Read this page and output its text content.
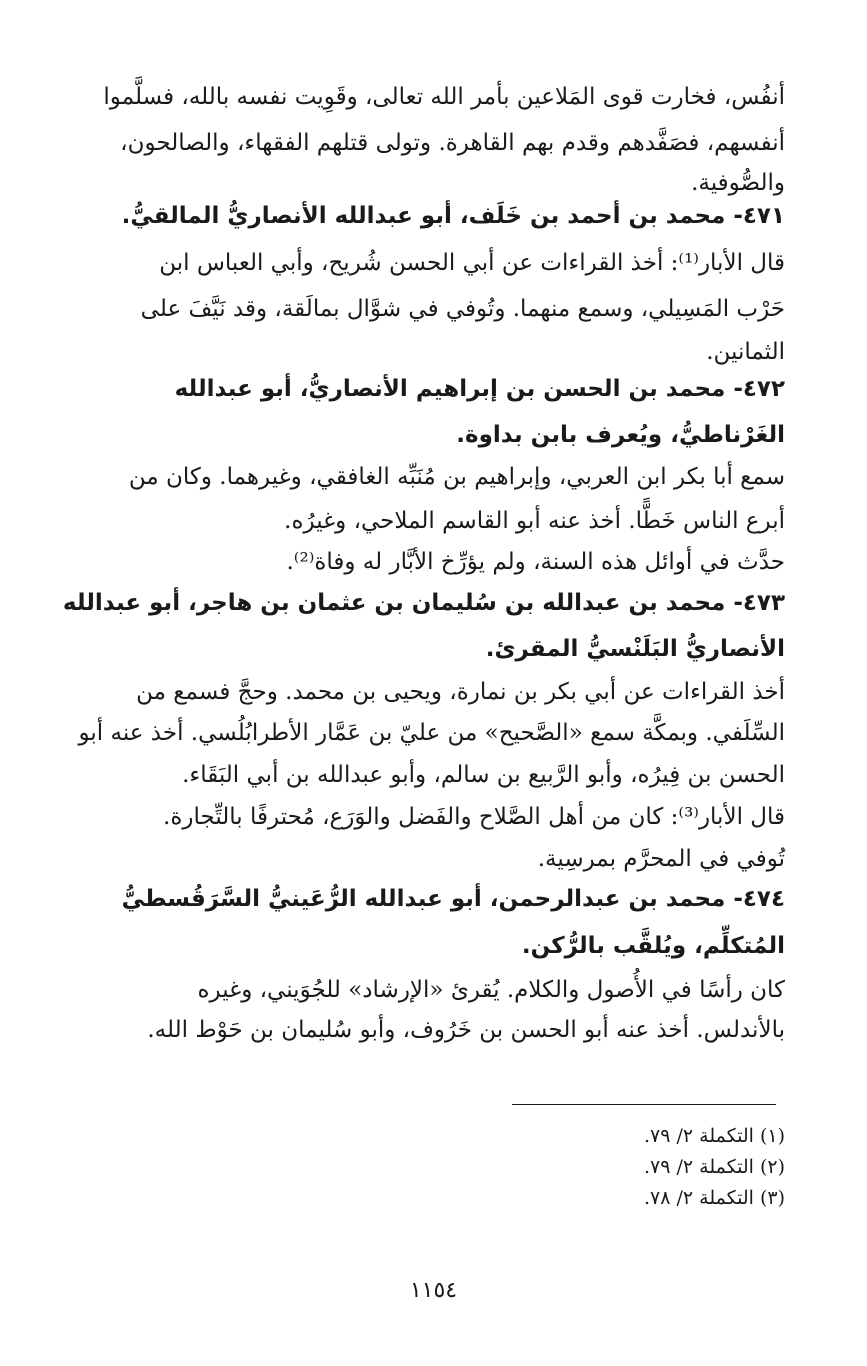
أنفُس، فخارت قوى المَلاعين بأمر الله تعالى، وقَوِيت نفسه بالله، فسلَّموا
أنفسهم، فصَفَّدهم وقدم بهم القاهرة. وتولى قتلهم الفقهاء، والصالحون،
والصُّوفية.
٤٧١- محمد بن أحمد بن خَلَف، أبو عبدالله الأنصاريُّ المالقيُّ.
قال الأبار⁽¹⁾: أخذ القراءات عن أبي الحسن شُريح، وأبي العباس ابن
حَرْب المَسِيلي، وسمع منهما. وتُوفي في شوَّال بمالَقة، وقد نَيَّفَ على
الثمانين.
٤٧٢- محمد بن الحسن بن إبراهيم الأنصاريُّ، أبو عبدالله
الغَرْناطيُّ، ويُعرف بابن بداوة.
سمع أبا بكر ابن العربي، وإبراهيم بن مُنَبِّه الغافقي، وغيرهما. وكان من
أبرع الناس خَطًّا. أخذ عنه أبو القاسم الملاحي، وغيرُه.
حدَّث في أوائل هذه السنة، ولم يؤرِّخ الأبَّار له وفاة⁽²⁾.
٤٧٣- محمد بن عبدالله بن سُليمان بن عثمان بن هاجر، أبو عبدالله
الأنصاريُّ البَلَنْسيُّ المقرئ.
أخذ القراءات عن أبي بكر بن نمارة، ويحيى بن محمد. وحجَّ فسمع من
السِّلَفي. وبمكَّة سمع «الصَّحيح» من عليّ بن عَمَّار الأطرابُلُسي. أخذ عنه أبو
الحسن بن فِيرُه، وأبو الرَّبيع بن سالم، وأبو عبدالله بن أبي البَقَاء.
قال الأبار⁽³⁾: كان من أهل الصَّلاح والفَضل والوَرَع، مُحترفًا بالتِّجارة.
تُوفي في المحرَّم بمرسِية.
٤٧٤- محمد بن عبدالرحمن، أبو عبدالله الرُّعَينيُّ السَّرَقُسطيُّ
المُتكلِّم، ويُلقَّب بالرُّكن.
كان رأسًا في الأُصول والكلام. يُقرئ «الإرشاد» للجُوَيني، وغيره
بالأندلس. أخذ عنه أبو الحسن بن خَرُوف، وأبو سُليمان بن حَوْط الله.
(١) التكملة ٢/ ٧٩.
(٢) التكملة ٢/ ٧٩.
(٣) التكملة ٢/ ٧٨.
١١٥٤
